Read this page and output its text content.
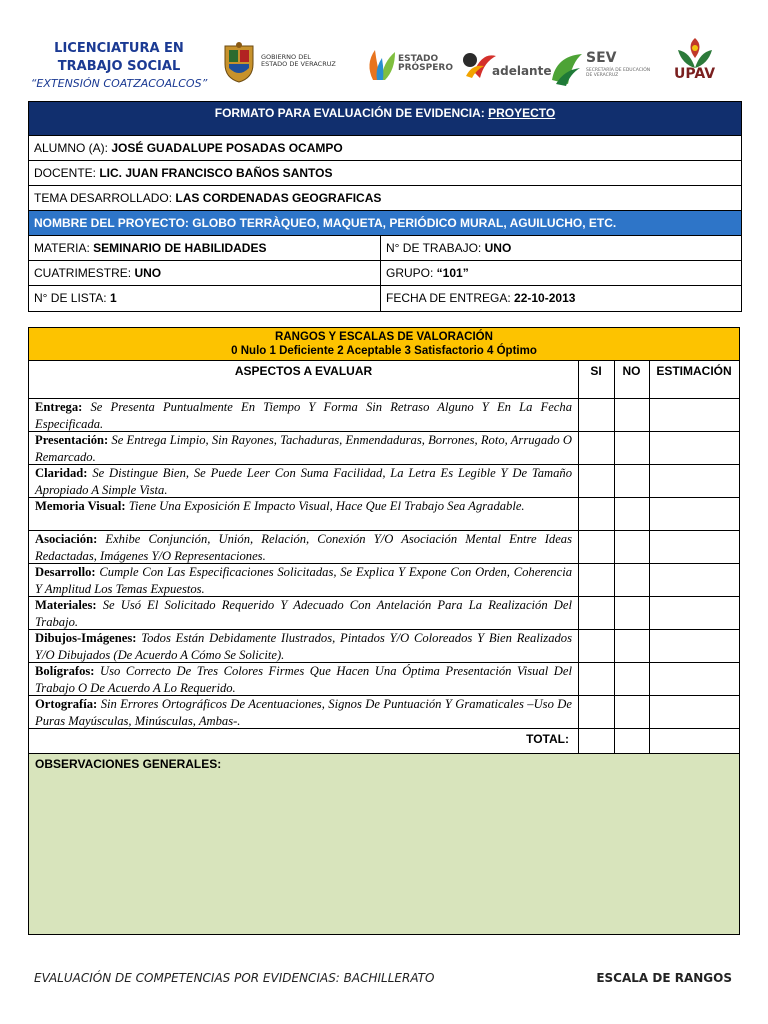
LICENCIATURA EN
TRABAJO SOCIAL
“EXTENSIÓN COATZACOALCOS”
GOBIERNO DEL
ESTADO DE VERACRUZ	ESTADO
PRÓSPERO	adelante
SEV
SECRETARÍA DE EDUCACIÓN
DE VERACRUZ	UPAV
FORMATO PARA EVALUACIÓN DE EVIDENCIA: PROYECTO
ALUMNO (A): JOSÉ GUADALUPE POSADAS OCAMPO
DOCENTE: LIC. JUAN FRANCISCO BAÑOS SANTOS
TEMA DESARROLLADO: LAS CORDENADAS GEOGRAFICAS
NOMBRE DEL PROYECTO: GLOBO TERRÀQUEO, MAQUETA, PERIÓDICO MURAL, AGUILUCHO, ETC.
MATERIA: SEMINARIO DE HABILIDADES	N° DE TRABAJO: UNO
CUATRIMESTRE: UNO	GRUPO: “101”
N° DE LISTA: 1	FECHA DE ENTREGA: 22-10-2013
RANGOS Y ESCALAS DE VALORACIÓN
0 Nulo 1 Deficiente 2 Aceptable 3 Satisfactorio 4 Óptimo
ASPECTOS A EVALUAR	SI	NO	ESTIMACIÓN
Entrega: Se Presenta Puntualmente En Tiempo Y Forma Sin Retraso Alguno Y En La Fecha Especificada.
Presentación: Se Entrega Limpio, Sin Rayones, Tachaduras, Enmendaduras, Borrones, Roto, Arrugado O Remarcado.
Claridad: Se Distingue Bien, Se Puede Leer Con Suma Facilidad, La Letra Es Legible Y De Tamaño Apropiado A Simple Vista.
Memoria Visual: Tiene Una Exposición E Impacto Visual, Hace Que El Trabajo Sea Agradable.
Asociación: Exhibe Conjunción, Unión, Relación, Conexión Y/O Asociación Mental Entre Ideas Redactadas, Imágenes Y/O Representaciones.
Desarrollo: Cumple Con Las Especificaciones Solicitadas, Se Explica Y Expone Con Orden, Coherencia Y Amplitud Los Temas Expuestos.
Materiales: Se Usó El Solicitado Requerido Y Adecuado Con Antelación Para La Realización Del Trabajo.
Dibujos-Imágenes: Todos Están Debidamente Ilustrados, Pintados Y/O Coloreados Y Bien Realizados Y/O Dibujados (De Acuerdo A Cómo Se Solicite).
Bolígrafos: Uso Correcto De Tres Colores Firmes Que Hacen Una Óptima Presentación Visual Del Trabajo O De Acuerdo A Lo Requerido.
Ortografía: Sin Errores Ortográficos De Acentuaciones, Signos De Puntuación Y Gramaticales –Uso De Puras Mayúsculas, Minúsculas, Ambas-.
TOTAL:
OBSERVACIONES GENERALES:
EVALUACIÓN DE COMPETENCIAS POR EVIDENCIAS: BACHILLERATO	ESCALA DE RANGOS
